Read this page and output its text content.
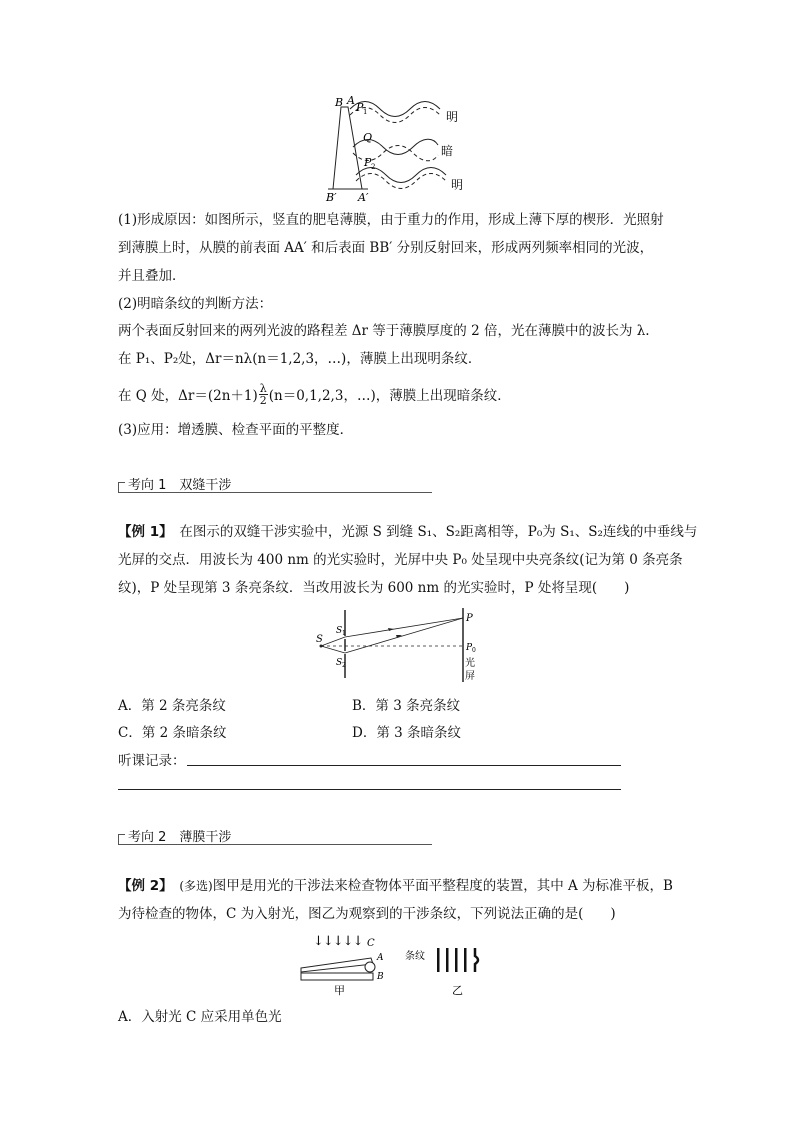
B A
P 1
Q
P 2
B′ A′
明
暗
明
(1)形成原因：如图所示，竖直的肥皂薄膜，由于重力的作用，形成上薄下厚的楔形．光照射
到薄膜上时，从膜的前表面 AA′ 和后表面 BB′ 分别反射回来，形成两列频率相同的光波，
并且叠加．
(2)明暗条纹的判断方法：
两个表面反射回来的两列光波的路程差 Δr 等于薄膜厚度的 2 倍，光在薄膜中的波长为 λ.
在 P₁、P₂处，Δr＝nλ(n＝1,2,3，…)，薄膜上出现明条纹．
在 Q 处，$\Delta r=(2n+1) \frac{\lambda}{2} (n=0,1,2,3$，…)，薄膜上出现暗条纹．
(3)应用：增透膜、检查平面的平整度．
考向 1　双缝干涉
【例 1】　 在图示的双缝干涉实验中，光源 S 到缝 S₁、S₂距离相等，P₀为 S₁、S₂连线的中垂线与
光屏的交点．用波长为 400 nm 的光实验时，光屏中央 P₀ 处呈现中央亮条纹(记为第 0 条亮条
纹)，P 处呈现第 3 条亮条纹．当改用波长为 600 nm 的光实验时，P 处将呈现(　　)
S
S 1
S 2
P
P 0
光
屏
A．第 2 条亮条纹	B．第 3 条亮条纹
C．第 2 条暗条纹	D．第 3 条暗条纹
听课记录：
考向 2　薄膜干涉
【例 2】　 (多选)图甲是用光的干涉法来检查物体平面平整程度的装置，其中 A 为标准平板，B
为待检查的物体，C 为入射光，图乙为观察到的干涉条纹，下列说法正确的是(　　)
↓↓↓↓↓ C
A
B
甲
条纹
乙
A．入射光 C 应采用单色光
